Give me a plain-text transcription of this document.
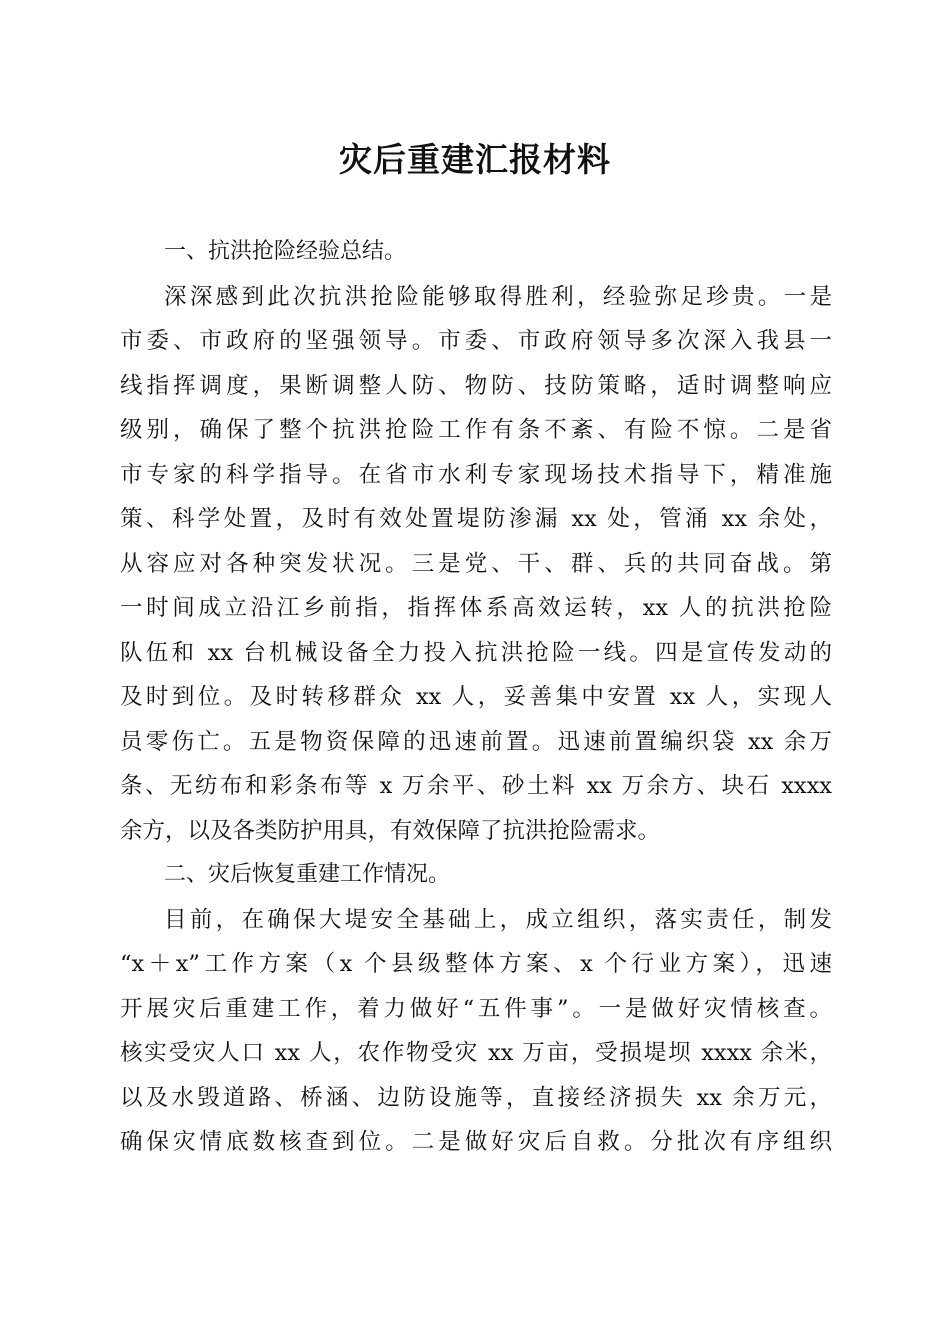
灾后重建汇报材料
一、抗洪抢险经验总结。
深深感到此次抗洪抢险能够取得胜利，经验弥足珍贵。一是
市委、市政府的坚强领导。市委、市政府领导多次深入我县一
线指挥调度，果断调整人防、物防、技防策略，适时调整响应
级别，确保了整个抗洪抢险工作有条不紊、有险不惊。二是省
市专家的科学指导。在省市水利专家现场技术指导下，精准施
策、科学处置，及时有效处置堤防渗漏 xx 处，管涌 xx 余处，
从容应对各种突发状况。三是党、干、群、兵的共同奋战。第
一时间成立沿江乡前指，指挥体系高效运转，xx 人的抗洪抢险
队伍和 xx 台机械设备全力投入抗洪抢险一线。四是宣传发动的
及时到位。及时转移群众 xx 人，妥善集中安置 xx 人，实现人
员零伤亡。五是物资保障的迅速前置。迅速前置编织袋 xx 余万
条、无纺布和彩条布等 x 万余平、砂土料 xx 万余方、块石 xxxx
余方，以及各类防护用具，有效保障了抗洪抢险需求。
二、灾后恢复重建工作情况。
目前，在确保大堤安全基础上，成立组织，落实责任，制发
“x＋x”工作方案（x 个县级整体方案、x 个行业方案），迅速
开展灾后重建工作，着力做好“五件事”。一是做好灾情核查。
核实受灾人口 xx 人，农作物受灾 xx 万亩，受损堤坝 xxxx 余米，
以及水毁道路、桥涵、边防设施等，直接经济损失 xx 余万元，
确保灾情底数核查到位。二是做好灾后自救。分批次有序组织
